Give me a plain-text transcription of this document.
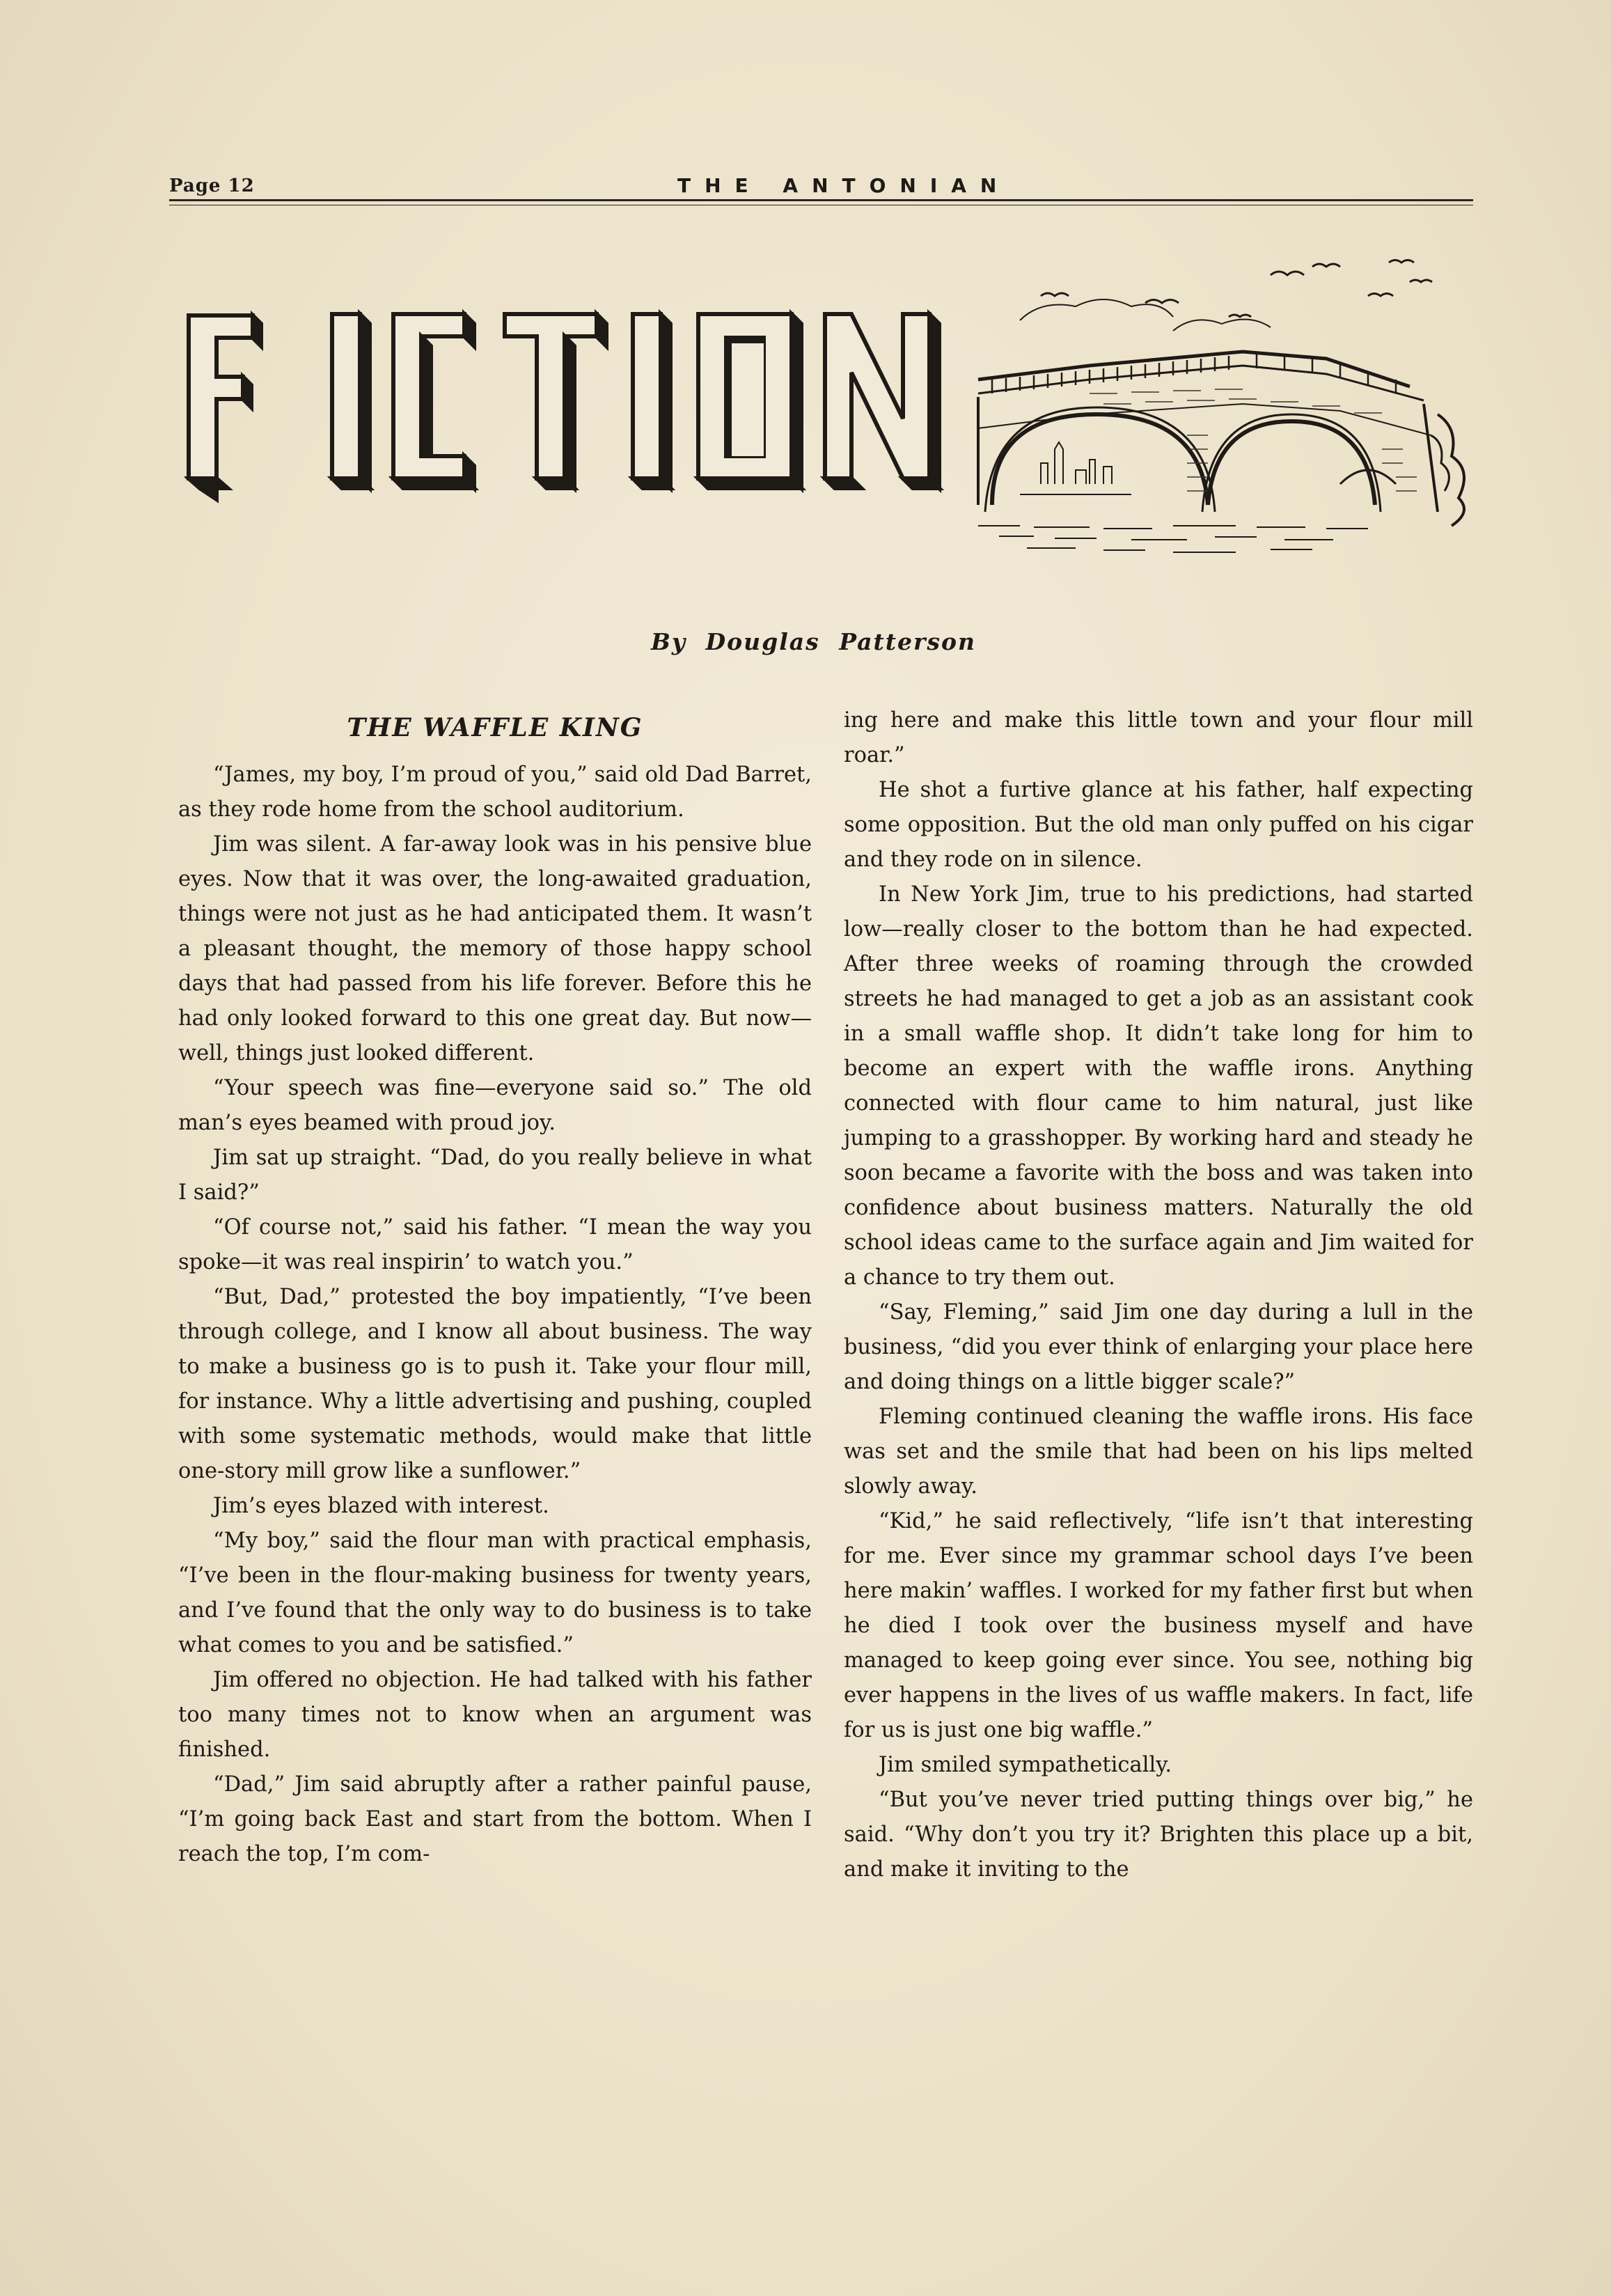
Page 12	THE ANTONIAN
By Douglas Patterson
THE WAFFLE KING

“James, my boy, I’m proud of you,” said old Dad Barret, as they rode home from the school auditorium.

Jim was silent. A far-away look was in his pensive blue eyes. Now that it was over, the long-awaited graduation, things were not just as he had anticipated them. It wasn’t a pleasant thought, the memory of those happy school days that had passed from his life forever. Before this he had only looked forward to this one great day. But now—well, things just looked different.

“Your speech was fine—everyone said so.” The old man’s eyes beamed with proud joy.

Jim sat up straight. “Dad, do you really believe in what I said?”

“Of course not,” said his father. “I mean the way you spoke—it was real inspirin’ to watch you.”

“But, Dad,” protested the boy impatiently, “I’ve been through college, and I know all about business. The way to make a business go is to push it. Take your flour mill, for instance. Why a little advertising and pushing, coupled with some systematic methods, would make that little one-story mill grow like a sunflower.”

Jim’s eyes blazed with interest.

“My boy,” said the flour man with practical emphasis, “I’ve been in the flour-making business for twenty years, and I’ve found that the only way to do business is to take what comes to you and be satisfied.”

Jim offered no objection. He had talked with his father too many times not to know when an argument was finished.

“Dad,” Jim said abruptly after a rather painful pause, “I’m going back East and start from the bottom. When I reach the top, I’m com-

ing here and make this little town and your flour mill roar.”

He shot a furtive glance at his father, half expecting some opposition. But the old man only puffed on his cigar and they rode on in silence.

In New York Jim, true to his predictions, had started low—really closer to the bottom than he had expected. After three weeks of roaming through the crowded streets he had managed to get a job as an assistant cook in a small waffle shop. It didn’t take long for him to become an expert with the waffle irons. Anything connected with flour came to him natural, just like jumping to a grasshopper. By working hard and steady he soon became a favorite with the boss and was taken into confidence about business matters. Naturally the old school ideas came to the surface again and Jim waited for a chance to try them out.

“Say, Fleming,” said Jim one day during a lull in the business, “did you ever think of enlarging your place here and doing things on a little bigger scale?”

Fleming continued cleaning the waffle irons. His face was set and the smile that had been on his lips melted slowly away.

“Kid,” he said reflectively, “life isn’t that interesting for me. Ever since my grammar school days I’ve been here makin’ waffles. I worked for my father first but when he died I took over the business myself and have managed to keep going ever since. You see, nothing big ever happens in the lives of us waffle makers. In fact, life for us is just one big waffle.”

Jim smiled sympathetically.

“But you’ve never tried putting things over big,” he said. “Why don’t you try it? Brighten this place up a bit, and make it inviting to the
